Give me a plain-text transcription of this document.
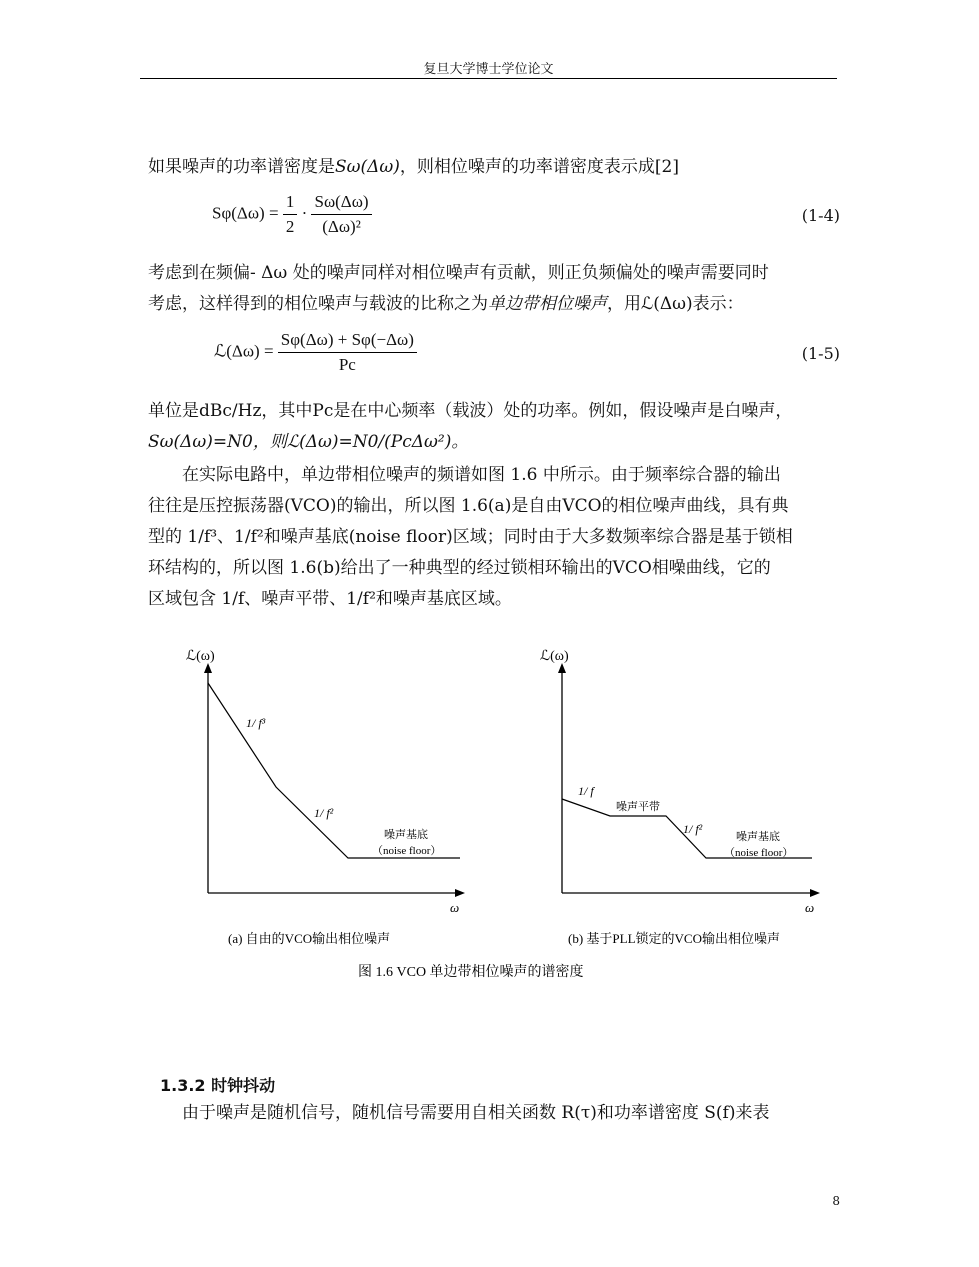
复旦大学博士学位论文

如果噪声的功率谱密度是Sω(Δω)，则相位噪声的功率谱密度表示成[2]

$S\varphi(\Delta\omega) = \frac{1}{2} \cdot \frac{S\omega(\Delta\omega)}{\text{(Δω)²}}$	(1-4)

考虑到在频偏- Δω 处的噪声同样对相位噪声有贡献，则正负频偏处的噪声需要同时
考虑，这样得到的相位噪声与载波的比称之为单边带相位噪声，用ℒ(Δω)表示：

ℒ(Δω) = $\frac{S\varphi(\Delta\omega) + S\varphi(-\Delta\omega)}{Pc}$	(1-5)

单位是dBc/Hz，其中Pc是在中心频率（载波）处的功率。例如，假设噪声是白噪声，
Sω(Δω)=N0，则ℒ(Δω)=N0/(PcΔω²)。

在实际电路中，单边带相位噪声的频谱如图 1.6 中所示。由于频率综合器的输出
往往是压控振荡器(VCO)的输出，所以图 1.6(a)是自由VCO的相位噪声曲线，具有典
型的 1/f³、1/f²和噪声基底(noise floor)区域；同时由于大多数频率综合器是基于锁相
环结构的，所以图 1.6(b)给出了一种典型的经过锁相环输出的VCO相噪曲线，它的
区域包含 1/f、噪声平带、1/f²和噪声基底区域。

ℒ(ω)
ω
1/ f³
1/ f²
噪声基底
（noise floor）
ℒ(ω)
ω
1/ f
噪声平带
1/ f²
噪声基底
（noise floor）
(a) 自由的VCO输出相位噪声	(b) 基于PLL锁定的VCO输出相位噪声
图 1.6 VCO 单边带相位噪声的谱密度
1.3.2 时钟抖动

由于噪声是随机信号，随机信号需要用自相关函数 R(τ)和功率谱密度 S(f)来表

8
